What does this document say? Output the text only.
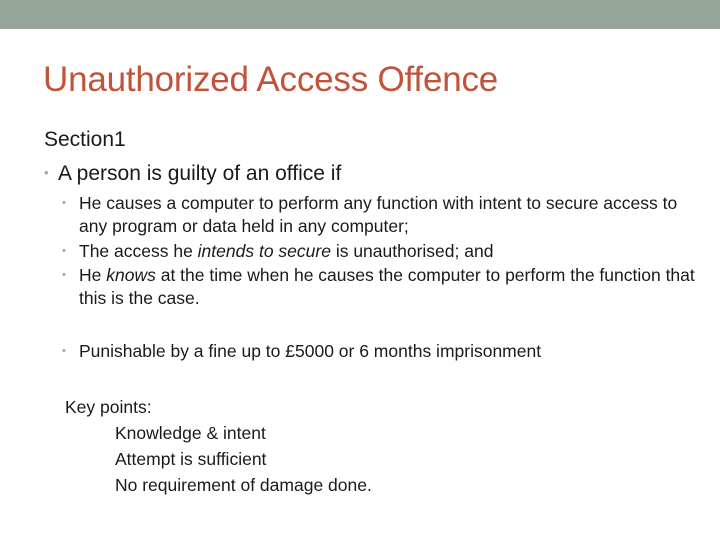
Unauthorized Access Offence
Section1
• A person is guilty of an office if
• He causes a computer to perform any function with intent to secure access to any program or data held in any computer;
• The access he intends to secure is unauthorised; and
• He knows at the time when he causes the computer to perform the function that this is the case.
• Punishable by a fine up to £5000 or 6 months imprisonment
Key points:
Knowledge & intent
Attempt is sufficient
No requirement of damage done.
